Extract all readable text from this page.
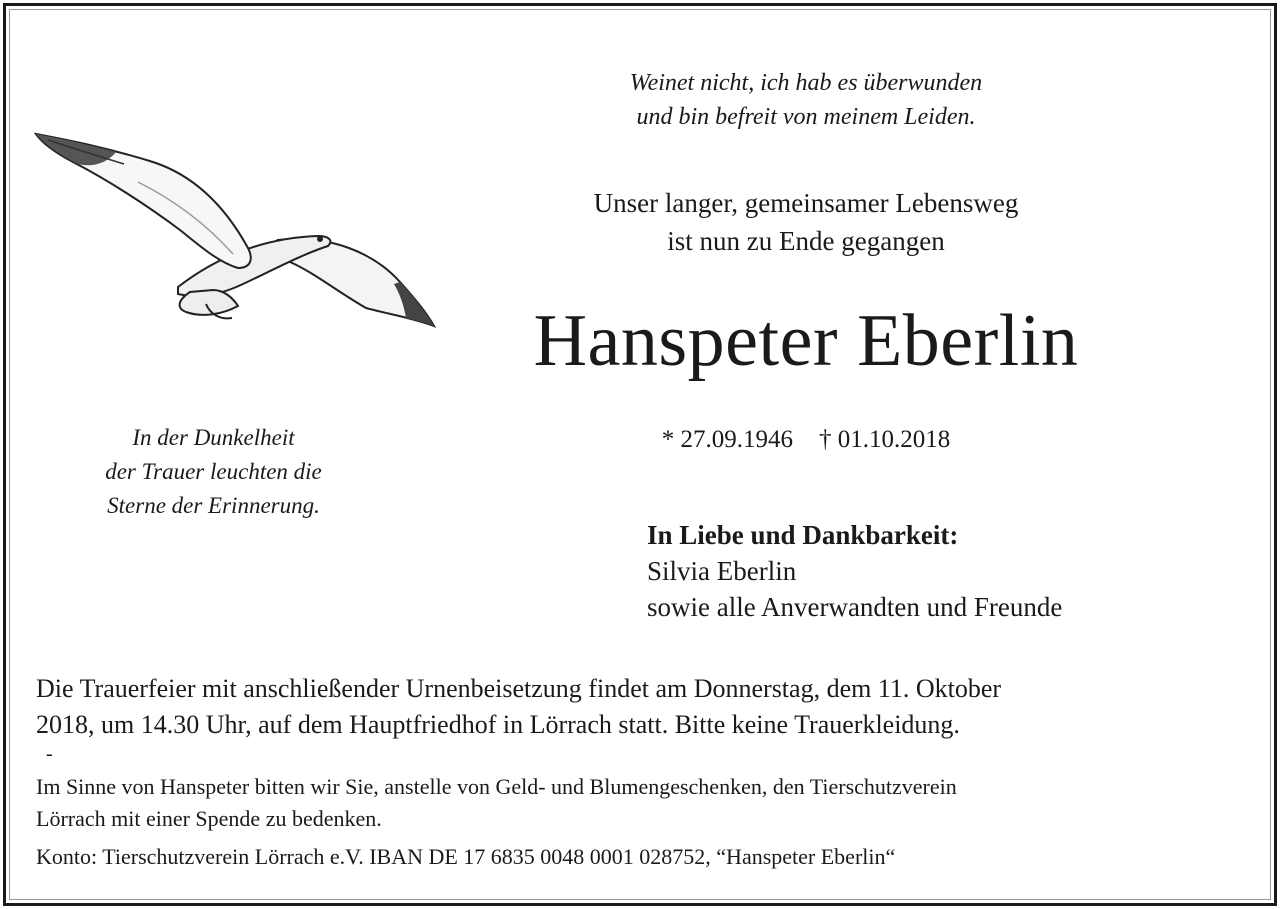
Weinet nicht, ich hab es überwunden
und bin befreit von meinem Leiden.
Unser langer, gemeinsamer Lebensweg
ist nun zu Ende gegangen
Hanspeter Eberlin
* 27.09.1946 † 01.10.2018
In der Dunkelheit
der Trauer leuchten die
Sterne der Erinnerung.
In Liebe und Dankbarkeit:
Silvia Eberlin
sowie alle Anverwandten und Freunde
Die Trauerfeier mit anschließender Urnenbeisetzung findet am Donnerstag, dem 11. Oktober
2018, um 14.30 Uhr, auf dem Hauptfriedhof in Lörrach statt. Bitte keine Trauerkleidung.
-
Im Sinne von Hanspeter bitten wir Sie, anstelle von Geld- und Blumengeschenken, den Tierschutzverein
Lörrach mit einer Spende zu bedenken.
Konto: Tierschutzverein Lörrach e.V. IBAN DE 17 6835 0048 0001 028752, “Hanspeter Eberlin“
